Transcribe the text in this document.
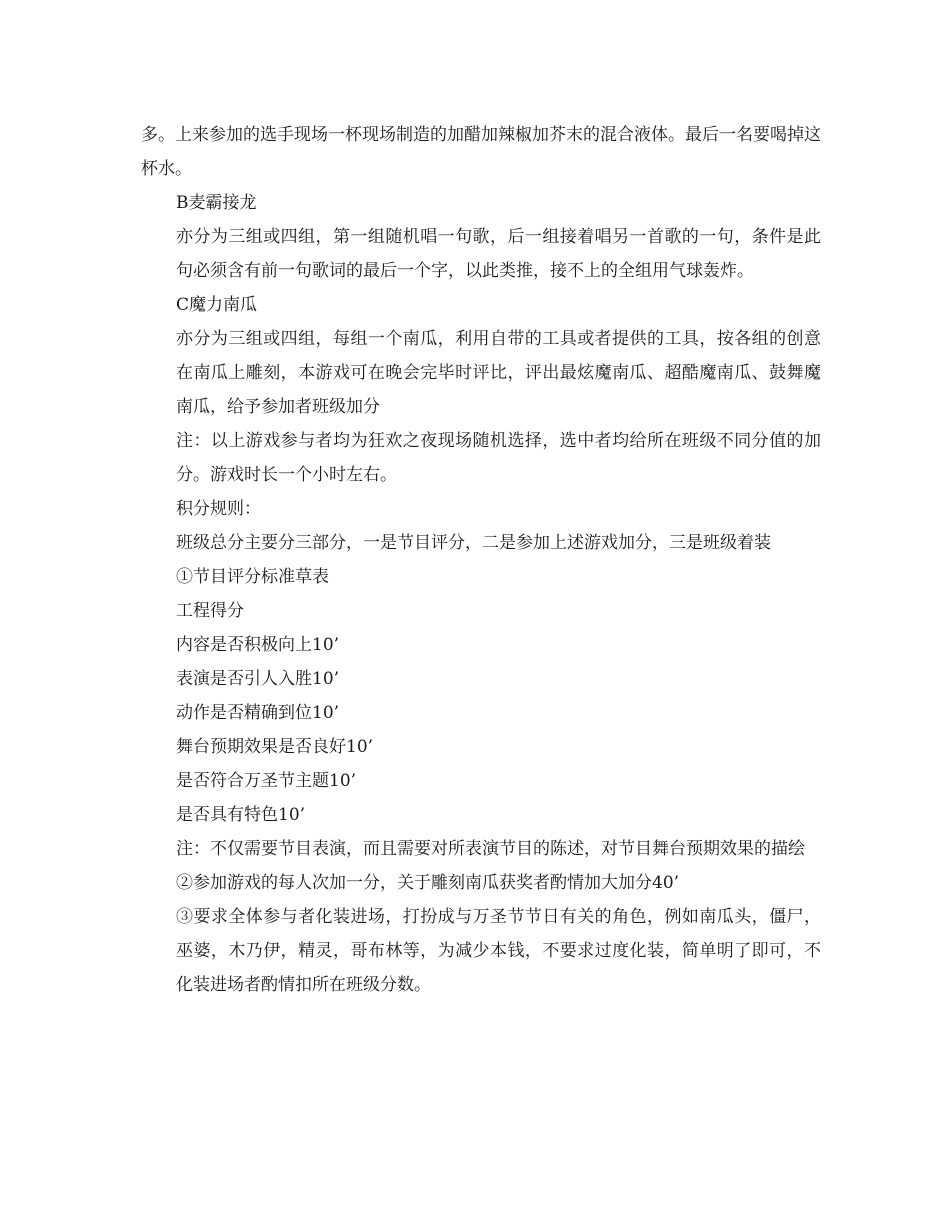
多。上来参加的选手现场一杯现场制造的加醋加辣椒加芥末的混合液体。最后一名要喝掉这杯水。

B麦霸接龙

亦分为三组或四组，第一组随机唱一句歌，后一组接着唱另一首歌的一句，条件是此句必须含有前一句歌词的最后一个字，以此类推，接不上的全组用气球轰炸。

C魔力南瓜

亦分为三组或四组，每组一个南瓜，利用自带的工具或者提供的工具，按各组的创意在南瓜上雕刻，本游戏可在晚会完毕时评比，评出最炫魔南瓜、超酷魔南瓜、鼓舞魔南瓜，给予参加者班级加分

注：以上游戏参与者均为狂欢之夜现场随机选择，选中者均给所在班级不同分值的加分。游戏时长一个小时左右。

积分规则：

班级总分主要分三部分，一是节目评分，二是参加上述游戏加分，三是班级着装

①节目评分标准草表

工程得分

内容是否积极向上10’

表演是否引人入胜10’

动作是否精确到位10’

舞台预期效果是否良好10’

是否符合万圣节主题10’

是否具有特色10’

注：不仅需要节目表演，而且需要对所表演节目的陈述，对节目舞台预期效果的描绘

②参加游戏的每人次加一分，关于雕刻南瓜获奖者酌情加大加分40’

③要求全体参与者化装进场，打扮成与万圣节节日有关的角色，例如南瓜头，僵尸，巫婆，木乃伊，精灵，哥布林等，为减少本钱，不要求过度化装，简单明了即可，不化装进场者酌情扣所在班级分数。
